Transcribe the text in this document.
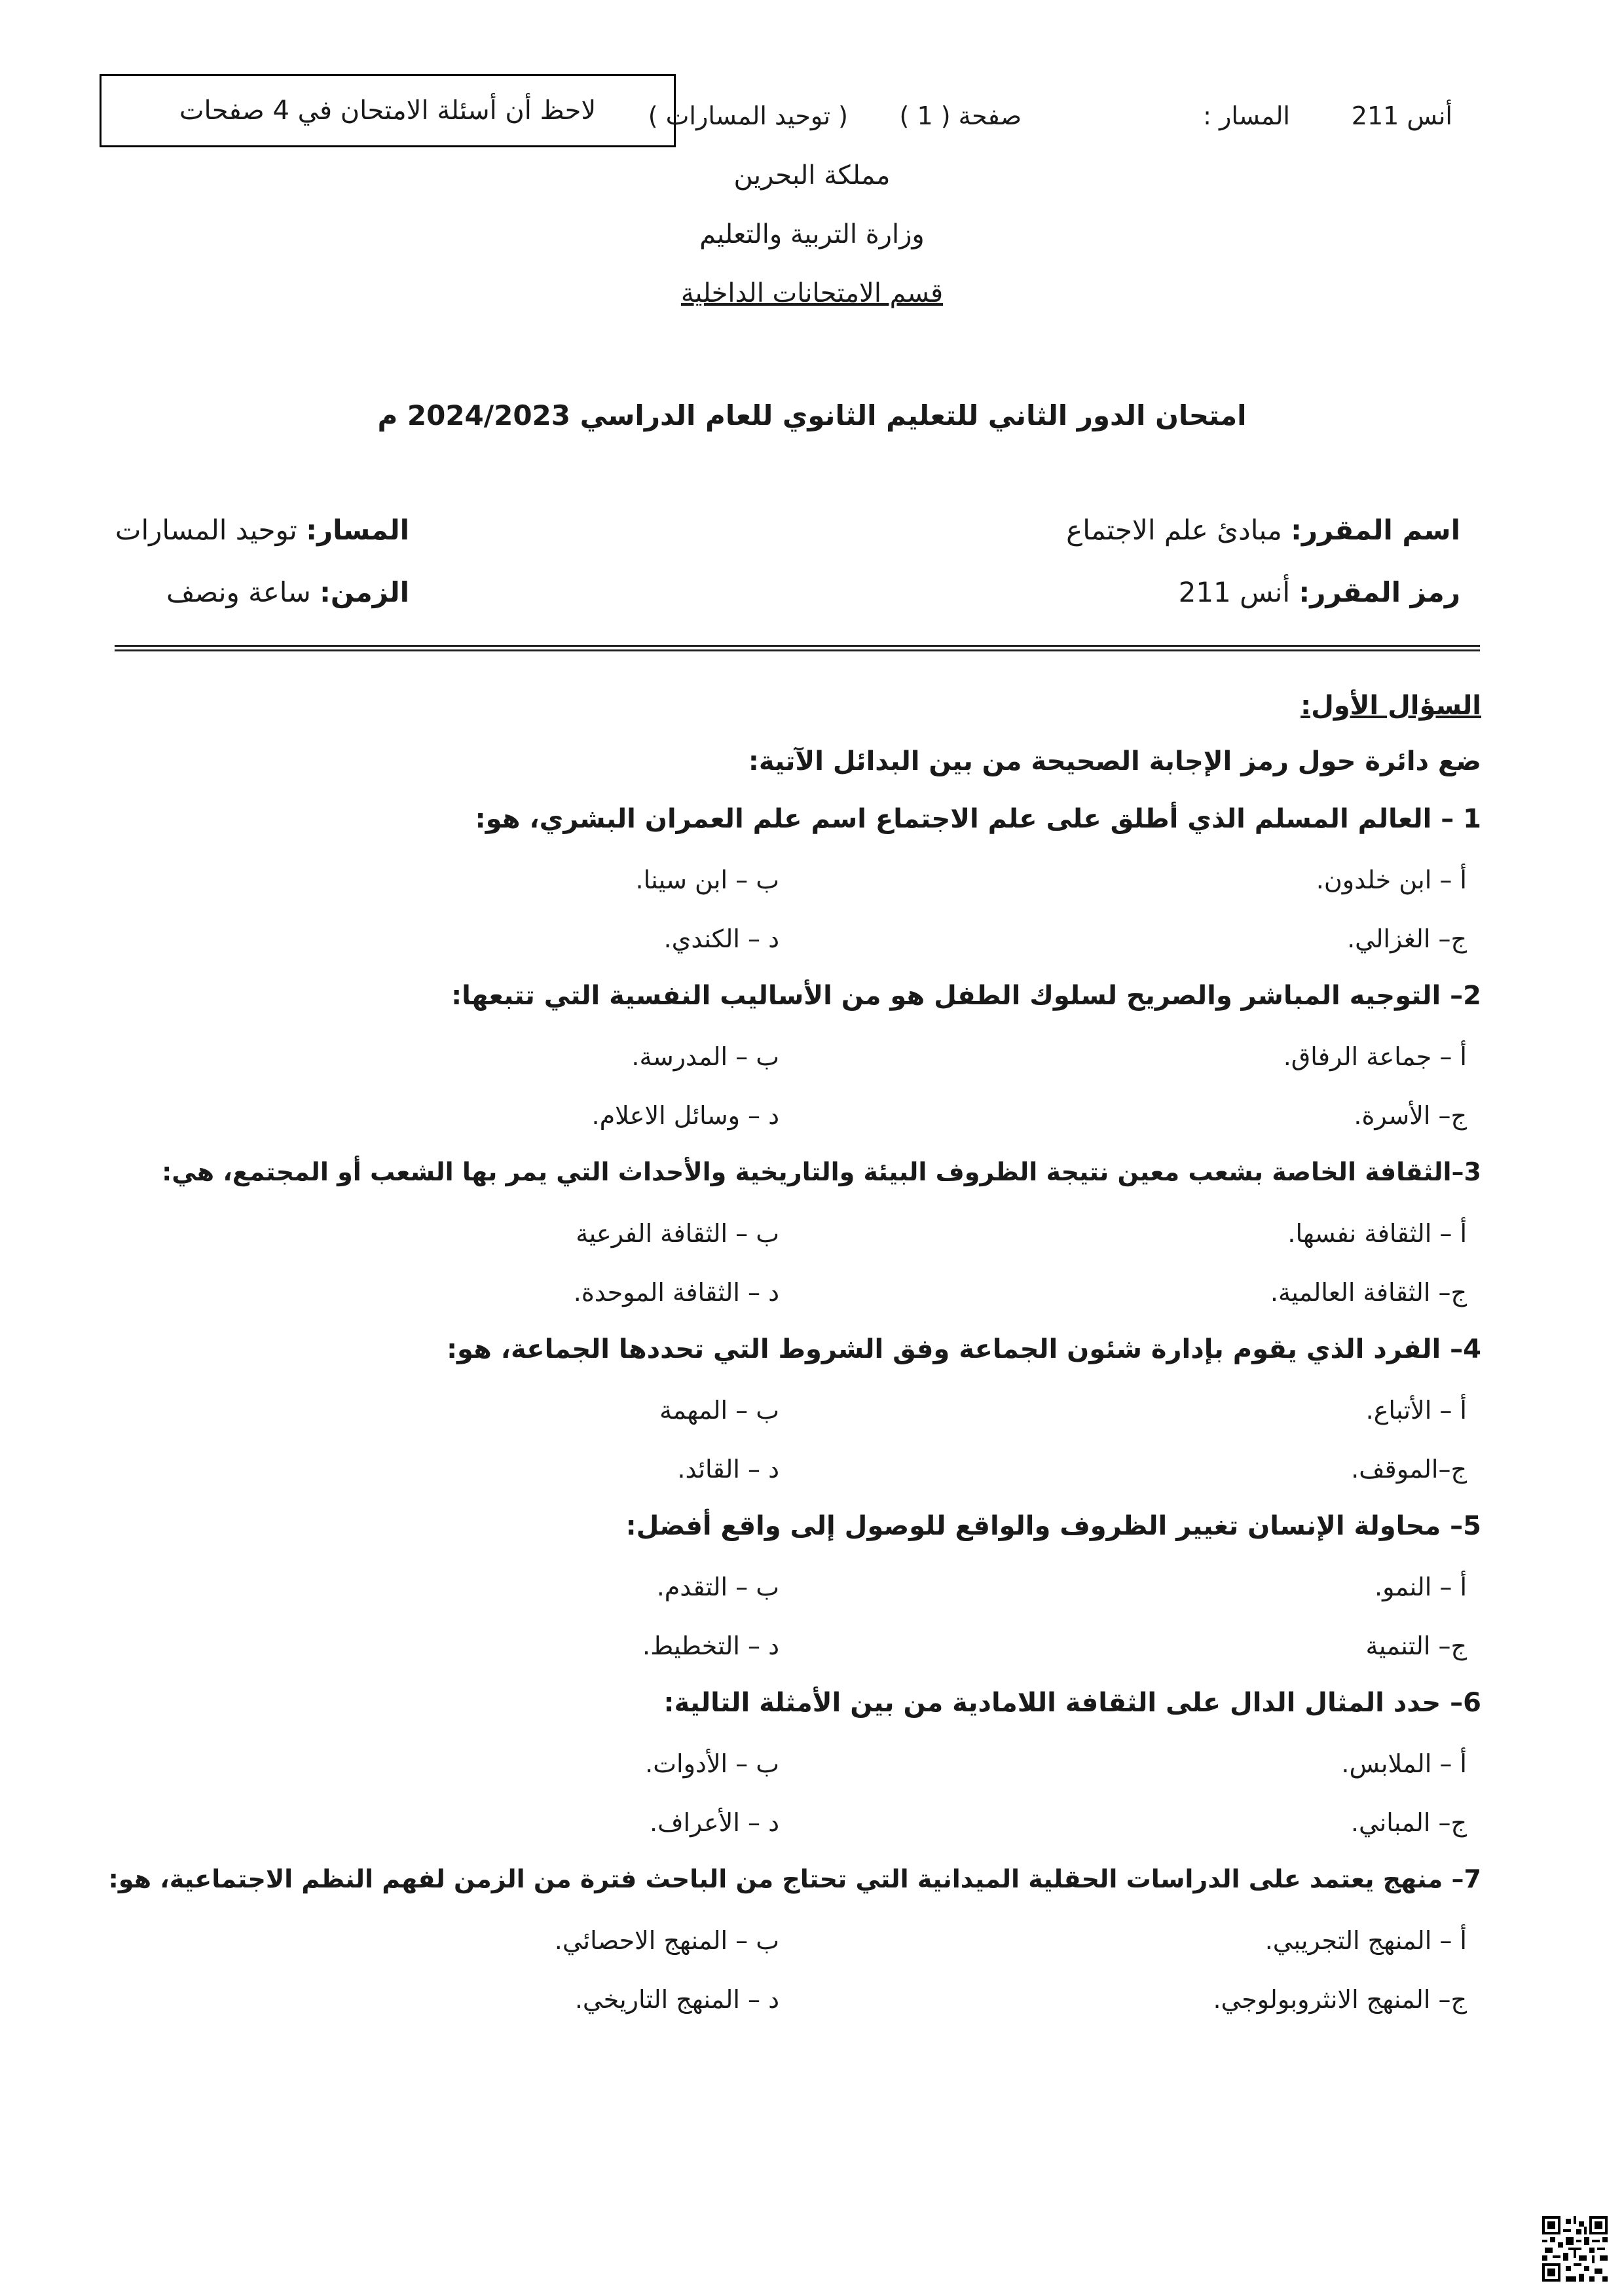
لاحظ أن أسئلة الامتحان في 4 صفحات	صفحة ( 1 )
( توحيد المسارات )	المسار : أنس 211
مملكة البحرين
وزارة التربية والتعليم
قسم الامتحانات الداخلية
امتحان الدور الثاني للتعليم الثانوي للعام الدراسي 2024/2023 م
اسم المقرر: مبادئ علم الاجتماع
رمز المقرر: أنس 211
المسار: توحيد المسارات
الزمن: ساعة ونصف
السؤال الأول:
ضع دائرة حول رمز الإجابة الصحيحة من بين البدائل الآتية:
1 – العالم المسلم الذي أطلق على علم الاجتماع اسم علم العمران البشري، هو:
أ – ابن خلدون.
ب – ابن سينا.
ج– الغزالي.
د – الكندي.
2– التوجيه المباشر والصريح لسلوك الطفل هو من الأساليب النفسية التي تتبعها:
أ – جماعة الرفاق.
ب – المدرسة.
ج– الأسرة.
د – وسائل الاعلام.
3–الثقافة الخاصة بشعب معين نتيجة الظروف البيئة والتاريخية والأحداث التي يمر بها الشعب أو المجتمع، هي:
أ – الثقافة نفسها.
ب – الثقافة الفرعية
ج– الثقافة العالمية.
د – الثقافة الموحدة.
4– الفرد الذي يقوم بإدارة شئون الجماعة وفق الشروط التي تحددها الجماعة، هو:
أ – الأتباع.
ب – المهمة
ج–الموقف.
د – القائد.
5– محاولة الإنسان تغيير الظروف والواقع للوصول إلى واقع أفضل:
أ – النمو.
ب – التقدم.
ج– التنمية
د – التخطيط.
6– حدد المثال الدال على الثقافة اللامادية من بين الأمثلة التالية:
أ – الملابس.
ب – الأدوات.
ج– المباني.
د – الأعراف.
7– منهج يعتمد على الدراسات الحقلية الميدانية التي تحتاج من الباحث فترة من الزمن لفهم النظم الاجتماعية، هو:
أ – المنهج التجريبي.
ب – المنهج الاحصائي.
ج– المنهج الانثروبولوجي.
د – المنهج التاريخي.
